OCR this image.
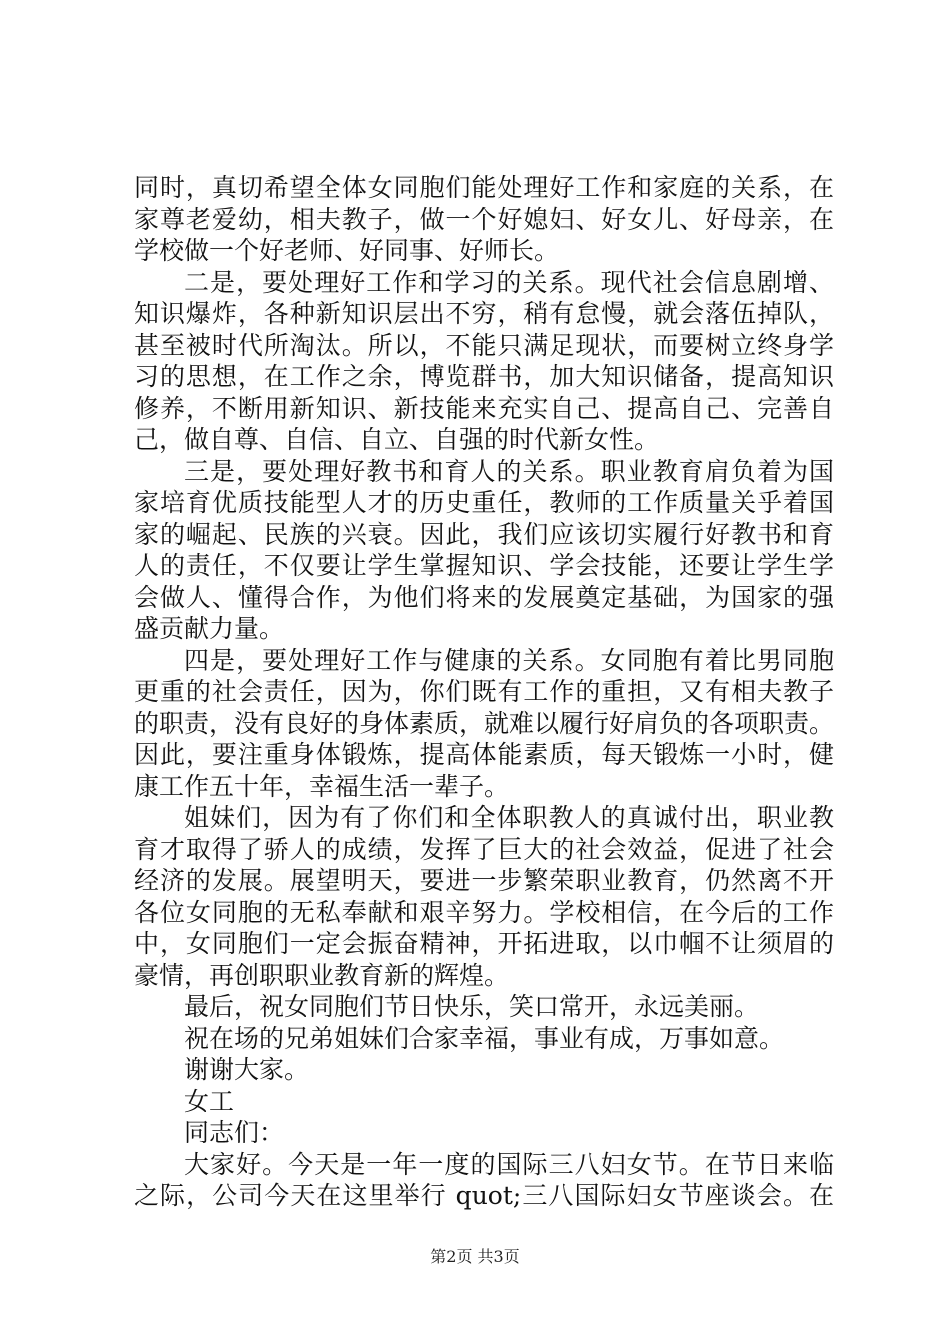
同时，真切希望全体女同胞们能处理好工作和家庭的关系，在
家尊老爱幼，相夫教子，做一个好媳妇、好女儿、好母亲，在
学校做一个好老师、好同事、好师长。
二是，要处理好工作和学习的关系。现代社会信息剧增、
知识爆炸，各种新知识层出不穷，稍有怠慢，就会落伍掉队，
甚至被时代所淘汰。所以，不能只满足现状，而要树立终身学
习的思想，在工作之余，博览群书，加大知识储备，提高知识
修养，不断用新知识、新技能来充实自己、提高自己、完善自
己，做自尊、自信、自立、自强的时代新女性。
三是，要处理好教书和育人的关系。职业教育肩负着为国
家培育优质技能型人才的历史重任，教师的工作质量关乎着国
家的崛起、民族的兴衰。因此，我们应该切实履行好教书和育
人的责任，不仅要让学生掌握知识、学会技能，还要让学生学
会做人、懂得合作，为他们将来的发展奠定基础，为国家的强
盛贡献力量。
四是，要处理好工作与健康的关系。女同胞有着比男同胞
更重的社会责任，因为，你们既有工作的重担，又有相夫教子
的职责，没有良好的身体素质，就难以履行好肩负的各项职责。
因此，要注重身体锻炼，提高体能素质，每天锻炼一小时，健
康工作五十年，幸福生活一辈子。
姐妹们，因为有了你们和全体职教人的真诚付出，职业教
育才取得了骄人的成绩，发挥了巨大的社会效益，促进了社会
经济的发展。展望明天，要进一步繁荣职业教育，仍然离不开
各位女同胞的无私奉献和艰辛努力。学校相信，在今后的工作
中，女同胞们一定会振奋精神，开拓进取，以巾帼不让须眉的
豪情，再创职职业教育新的辉煌。
最后，祝女同胞们节日快乐，笑口常开，永远美丽。
祝在场的兄弟姐妹们合家幸福，事业有成，万事如意。
谢谢大家。
女工
同志们：
大家好。今天是一年一度的国际三八妇女节。在节日来临
之际，公司今天在这里举行 quot;三八国际妇女节座谈会。在
第2页 共3页
